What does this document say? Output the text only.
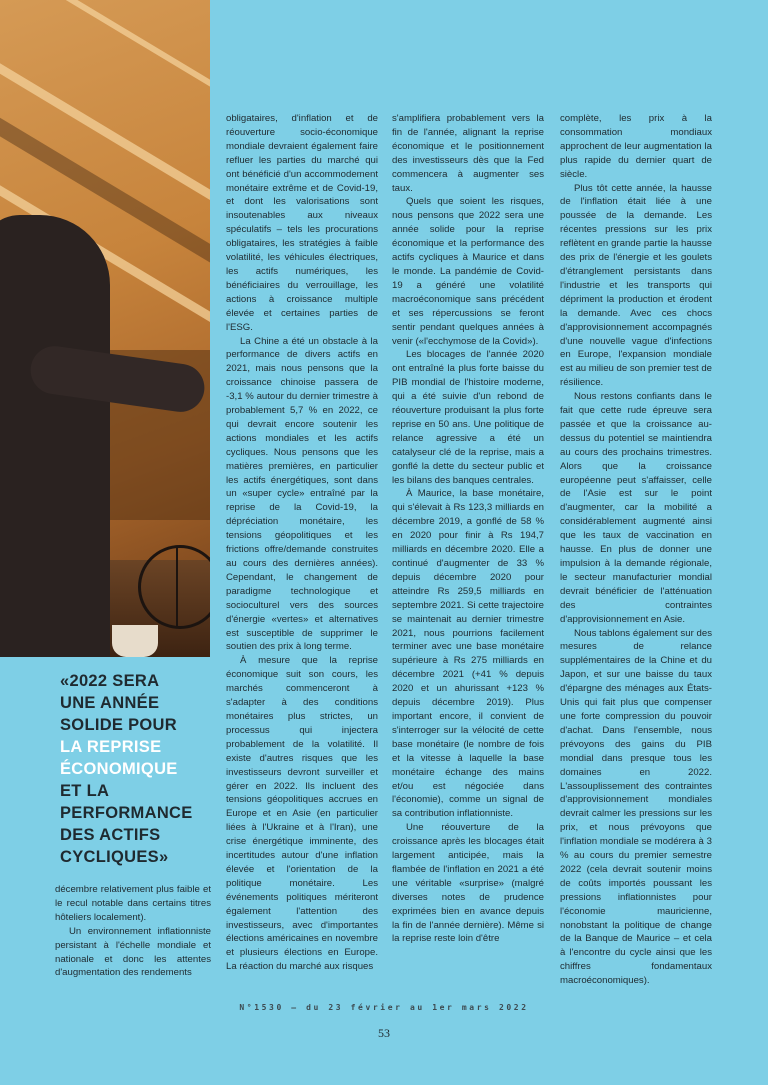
«2022 SERA
UNE ANNÉE
SOLIDE POUR
LA REPRISE
ÉCONOMIQUE
ET LA
PERFORMANCE
DES ACTIFS
CYCLIQUES»

décembre relativement plus faible et le recul notable dans certains titres hôteliers localement).

Un environnement inflationniste persistant à l'échelle mondiale et nationale et donc les attentes d'augmentation des rendements

obligataires, d'inflation et de réouverture socio-économique mondiale devraient également faire refluer les parties du marché qui ont bénéficié d'un accommodement monétaire extrême et de Covid-19, et dont les valorisations sont insoutenables aux niveaux spéculatifs – tels les procurations obligataires, les stratégies à faible volatilité, les véhicules électriques, les actifs numériques, les bénéficiaires du verrouillage, les actions à croissance multiple élevée et certaines parties de l'ESG.

La Chine a été un obstacle à la performance de divers actifs en 2021, mais nous pensons que la croissance chinoise passera de -3,1 % autour du dernier trimestre à probablement 5,7 % en 2022, ce qui devrait encore soutenir les actions mondiales et les actifs cycliques. Nous pensons que les matières premières, en particulier les actifs énergétiques, sont dans un «super cycle» entraîné par la reprise de la Covid-19, la dépréciation monétaire, les tensions géopolitiques et les frictions offre/demande construites au cours des dernières années). Cependant, le changement de paradigme technologique et socioculturel vers des sources d'énergie «vertes» et alternatives est susceptible de supprimer le soutien des prix à long terme.

À mesure que la reprise économique suit son cours, les marchés commenceront à s'adapter à des conditions monétaires plus strictes, un processus qui injectera probablement de la volatilité. Il existe d'autres risques que les investisseurs devront surveiller et gérer en 2022. Ils incluent des tensions géopolitiques accrues en Europe et en Asie (en particulier liées à l'Ukraine et à l'Iran), une crise énergétique imminente, des incertitudes autour d'une inflation élevée et l'orientation de la politique monétaire. Les événements politiques mériteront également l'attention des investisseurs, avec d'importantes élections américaines en novembre et plusieurs élections en Europe. La réaction du marché aux risques

s'amplifiera probablement vers la fin de l'année, alignant la reprise économique et le positionnement des investisseurs dès que la Fed commencera à augmenter ses taux.

Quels que soient les risques, nous pensons que 2022 sera une année solide pour la reprise économique et la performance des actifs cycliques à Maurice et dans le monde. La pandémie de Covid-19 a généré une volatilité macroéconomique sans précédent et ses répercussions se feront sentir pendant quelques années à venir («l'ecchymose de la Covid»).

Les blocages de l'année 2020 ont entraîné la plus forte baisse du PIB mondial de l'histoire moderne, qui a été suivie d'un rebond de réouverture produisant la plus forte reprise en 50 ans. Une politique de relance agressive a été un catalyseur clé de la reprise, mais a gonflé la dette du secteur public et les bilans des banques centrales.

À Maurice, la base monétaire, qui s'élevait à Rs 123,3 milliards en décembre 2019, a gonflé de 58 % en 2020 pour finir à Rs 194,7 milliards en décembre 2020. Elle a continué d'augmenter de 33 % depuis décembre 2020 pour atteindre Rs 259,5 milliards en septembre 2021. Si cette trajectoire se maintenait au dernier trimestre 2021, nous pourrions facilement terminer avec une base monétaire supérieure à Rs 275 milliards en décembre 2021 (+41 % depuis 2020 et un ahurissant +123 % depuis décembre 2019). Plus important encore, il convient de s'interroger sur la vélocité de cette base monétaire (le nombre de fois et la vitesse à laquelle la base monétaire échange des mains et/ou est négociée dans l'économie), comme un signal de sa contribution inflationniste.

Une réouverture de la croissance après les blocages était largement anticipée, mais la flambée de l'inflation en 2021 a été une véritable «surprise» (malgré diverses notes de prudence exprimées bien en avance depuis la fin de l'année dernière). Même si la reprise reste loin d'être

complète, les prix à la consommation mondiaux approchent de leur augmentation la plus rapide du dernier quart de siècle.

Plus tôt cette année, la hausse de l'inflation était liée à une poussée de la demande. Les récentes pressions sur les prix reflètent en grande partie la hausse des prix de l'énergie et les goulets d'étranglement persistants dans l'industrie et les transports qui dépriment la production et érodent la demande. Avec ces chocs d'approvisionnement accompagnés d'une nouvelle vague d'infections en Europe, l'expansion mondiale est au milieu de son premier test de résilience.

Nous restons confiants dans le fait que cette rude épreuve sera passée et que la croissance au-dessus du potentiel se maintiendra au cours des prochains trimestres. Alors que la croissance européenne peut s'affaisser, celle de l'Asie est sur le point d'augmenter, car la mobilité a considérablement augmenté ainsi que les taux de vaccination en hausse. En plus de donner une impulsion à la demande régionale, le secteur manufacturier mondial devrait bénéficier de l'atténuation des contraintes d'approvisionnement en Asie.

Nous tablons également sur des mesures de relance supplémentaires de la Chine et du Japon, et sur une baisse du taux d'épargne des ménages aux États-Unis qui fait plus que compenser une forte compression du pouvoir d'achat. Dans l'ensemble, nous prévoyons des gains du PIB mondial dans presque tous les domaines en 2022. L'assouplissement des contraintes d'approvisionnement mondiales devrait calmer les pressions sur les prix, et nous prévoyons que l'inflation mondiale se modérera à 3 % au cours du premier semestre 2022 (cela devrait soutenir moins de coûts importés poussant les pressions inflationnistes pour l'économie mauricienne, nonobstant la politique de change de la Banque de Maurice – et cela à l'encontre du cycle ainsi que les chiffres fondamentaux macroéconomiques).

N°1530 – du 23 février au 1er mars 2022
53
